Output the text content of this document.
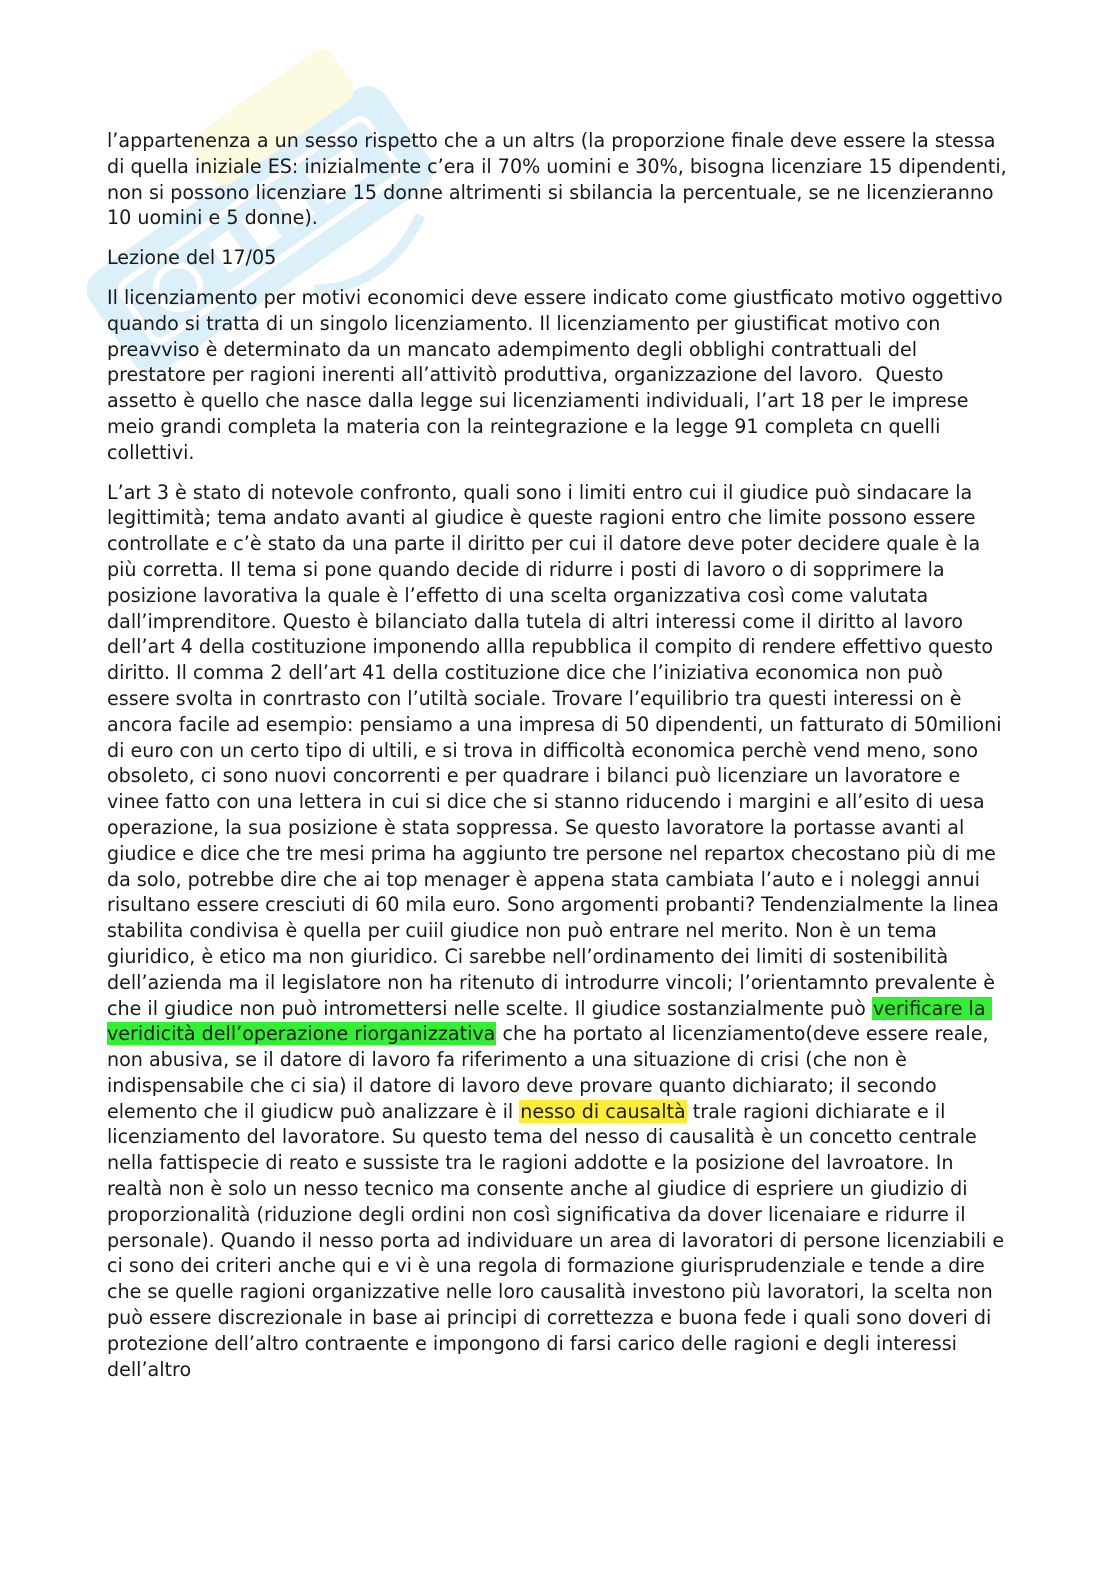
l’appartenenza a un sesso rispetto che a un altrs (la proporzione finale deve essere la stessa di quella iniziale ES: inizialmente c’era il 70% uomini e 30%, bisogna licenziare 15 dipendenti, non si possono licenziare 15 donne altrimenti si sbilancia la percentuale, se ne licenzieranno 10 uomini e 5 donne).

Lezione del 17/05

Il licenziamento per motivi economici deve essere indicato come giustficato motivo oggettivo quando si tratta di un singolo licenziamento. Il licenziamento per giustificat motivo con preavviso è determinato da un mancato adempimento degli obblighi contrattuali del prestatore per ragioni inerenti all’attivitò produttiva, organizzazione del lavoro.  Questo assetto è quello che nasce dalla legge sui licenziamenti individuali, l’art 18 per le imprese meio grandi completa la materia con la reintegrazione e la legge 91 completa cn quelli collettivi.

L’art 3 è stato di notevole confronto, quali sono i limiti entro cui il giudice può sindacare la legittimità; tema andato avanti al giudice è queste ragioni entro che limite possono essere controllate e c’è stato da una parte il diritto per cui il datore deve poter decidere quale è la più corretta. Il tema si pone quando decide di ridurre i posti di lavoro o di sopprimere la posizione lavorativa la quale è l’effetto di una scelta organizzativa così come valutata dall’imprenditore. Questo è bilanciato dalla tutela di altri interessi come il diritto al lavoro dell’art 4 della costituzione imponendo allla repubblica il compito di rendere effettivo questo diritto. Il comma 2 dell’art 41 della costituzione dice che l’iniziativa economica non può essere svolta in conrtrasto con l’utiltà sociale. Trovare l’equilibrio tra questi interessi on è ancora facile ad esempio: pensiamo a una impresa di 50 dipendenti, un fatturato di 50milioni di euro con un certo tipo di ultili, e si trova in difficoltà economica perchè vend meno, sono obsoleto, ci sono nuovi concorrenti e per quadrare i bilanci può licenziare un lavoratore e vinee fatto con una lettera in cui si dice che si stanno riducendo i margini e all’esito di uesa operazione, la sua posizione è stata soppressa. Se questo lavoratore la portasse avanti al giudice e dice che tre mesi prima ha aggiunto tre persone nel repartox checostano più di me da solo, potrebbe dire che ai top menager è appena stata cambiata l’auto e i noleggi annui risultano essere cresciuti di 60 mila euro. Sono argomenti probanti? Tendenzialmente la linea stabilita condivisa è quella per cuiil giudice non può entrare nel merito. Non è un tema giuridico, è etico ma non giuridico. Ci sarebbe nell’ordinamento dei limiti di sostenibilità dell’azienda ma il legislatore non ha ritenuto di introdurre vincoli; l’orientamnto prevalente è che il giudice non può intromettersi nelle scelte. Il giudice sostanzialmente può verificare la veridicità dell’operazione riorganizzativa che ha portato al licenziamento(deve essere reale, non abusiva, se il datore di lavoro fa riferimento a una situazione di crisi (che non è indispensabile che ci sia) il datore di lavoro deve provare quanto dichiarato; il secondo elemento che il giudicw può analizzare è il nesso di causaltà trale ragioni dichiarate e il licenziamento del lavoratore. Su questo tema del nesso di causalità è un concetto centrale nella fattispecie di reato e sussiste tra le ragioni addotte e la posizione del lavroatore. In realtà non è solo un nesso tecnico ma consente anche al giudice di espriere un giudizio di proporzionalità (riduzione degli ordini non così significativa da dover licenaiare e ridurre il personale). Quando il nesso porta ad individuare un area di lavoratori di persone licenziabili e ci sono dei criteri anche qui e vi è una regola di formazione giurisprudenziale e tende a dire che se quelle ragioni organizzative nelle loro causalità investono più lavoratori, la scelta non può essere discrezionale in base ai principi di correttezza e buona fede i quali sono doveri di protezione dell’altro contraente e impongono di farsi carico delle ragioni e degli interessi dell’altro
